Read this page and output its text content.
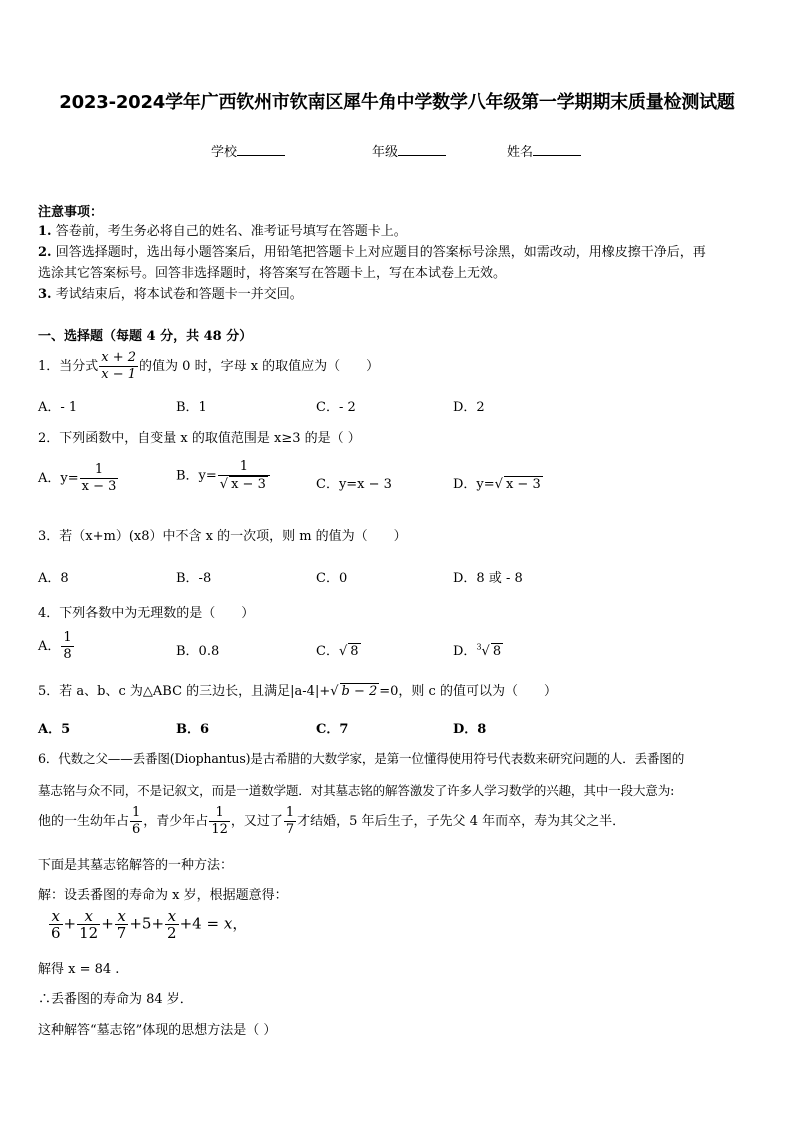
2023-2024学年广西钦州市钦南区犀牛角中学数学八年级第一学期期末质量检测试题
学校	年级	姓名
注意事项：
1. 答卷前，考生务必将自己的姓名、准考证号填写在答题卡上。
2. 回答选择题时，选出每小题答案后，用铅笔把答题卡上对应题目的答案标号涂黑，如需改动，用橡皮擦干净后，再
选涂其它答案标号。回答非选择题时，将答案写在答题卡上，写在本试卷上无效。
3. 考试结束后，将本试卷和答题卡一并交回。
一、选择题（每题 4 分，共 48 分）
1．当分式 $\frac{x + 2}{x - 1}$ 的值为 0 时，字母 x 的取值应为（　　）
A．- 1	B．1	C．- 2	D．2
2．下列函数中，自变量 x 的取值范围是 x≥3 的是（ ）
A．$y= \frac{1}{x - 3}$	B．$y= \frac{1}{√ x - 3}$	C．y=x − 3	D．y=√ x − 3
3．若（x+m）(x8）中不含 x 的一次项，则 m 的值为（　　）
A．8	B．-8	C．0	D．8 或 - 8
4．下列各数中为无理数的是（　　）
A． $\frac{1}{8}$	B．0.8	C．√ 8	D．$^3$√ 8
5．若 a、b、c 为△ABC 的三边长，且满足|a-4|+√ b − 2 =0，则 c 的值可以为（　　）
A．5	B．6	C．7	D．8
6．代数之父——丢番图(Diophantus)是古希腊的大数学家，是第一位懂得使用符号代表数来研究问题的人．丢番图的
墓志铭与众不同，不是记叙文，而是一道数学题．对其墓志铭的解答激发了许多人学习数学的兴趣，其中一段大意为:
他的一生幼年占 $\frac{1}{6}$ ，青少年占 $\frac{1}{12}$ ，又过了 $\frac{1}{7}$ 才结婚，5 年后生子，子先父 4 年而卒，寿为其父之半．
下面是其墓志铭解答的一种方法：
解：设丢番图的寿命为 x 岁，根据题意得：
$\frac{x}{6} + \frac{x}{12} + \frac{x}{7} +5+ \frac{x}{2} +4 = x$，
解得 x = 84 .
∴丢番图的寿命为 84 岁．
这种解答“墓志铭”体现的思想方法是（ ）
